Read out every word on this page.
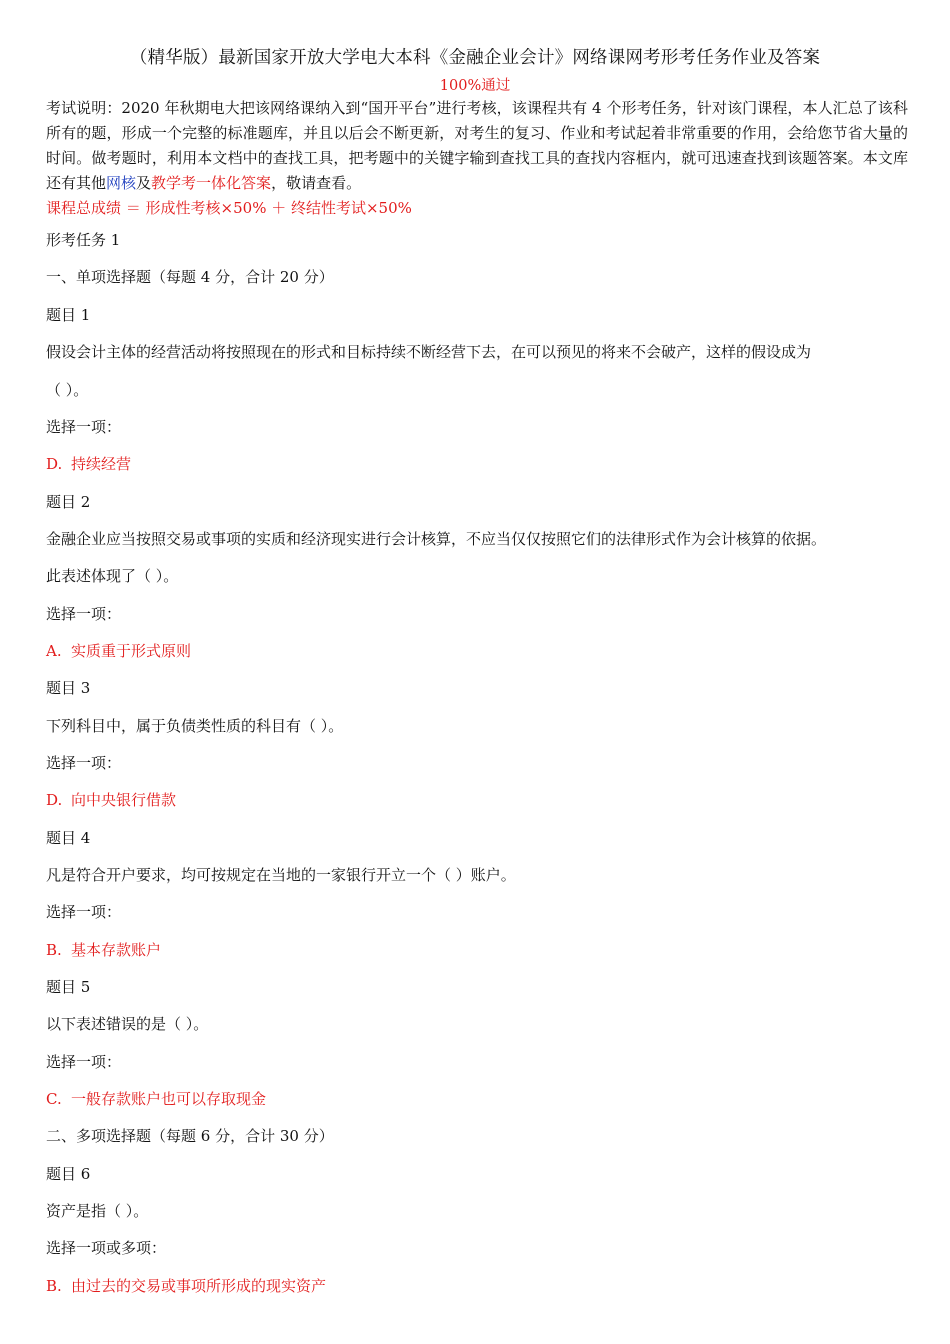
（精华版）最新国家开放大学电大本科《金融企业会计》网络课网考形考任务作业及答案
100%通过
考试说明：2020 年秋期电大把该网络课纳入到“国开平台”进行考核，该课程共有 4 个形考任务，针对该门课程，本人汇总了该科所有的题，形成一个完整的标准题库，并且以后会不断更新，对考生的复习、作业和考试起着非常重要的作用，会给您节省大量的时间。做考题时，利用本文档中的查找工具，把考题中的关键字输到查找工具的查找内容框内，就可迅速查找到该题答案。本文库还有其他网核及教学考一体化答案，敬请查看。
课程总成绩 ＝ 形成性考核×50% ＋ 终结性考试×50%
形考任务 1
一、单项选择题（每题 4 分，合计 20 分）
题目 1
假设会计主体的经营活动将按照现在的形式和目标持续不断经营下去，在可以预见的将来不会破产，这样的假设成为
（ ）。
选择一项：
D. 持续经营
题目 2
金融企业应当按照交易或事项的实质和经济现实进行会计核算，不应当仅仅按照它们的法律形式作为会计核算的依据。
此表述体现了（ ）。
选择一项：
A. 实质重于形式原则
题目 3
下列科目中，属于负债类性质的科目有（ ）。
选择一项：
D. 向中央银行借款
题目 4
凡是符合开户要求，均可按规定在当地的一家银行开立一个（ ）账户。
选择一项：
B. 基本存款账户
题目 5
以下表述错误的是（ ）。
选择一项：
C. 一般存款账户也可以存取现金
二、多项选择题（每题 6 分，合计 30 分）
题目 6
资产是指（ ）。
选择一项或多项：
B. 由过去的交易或事项所形成的现实资产
